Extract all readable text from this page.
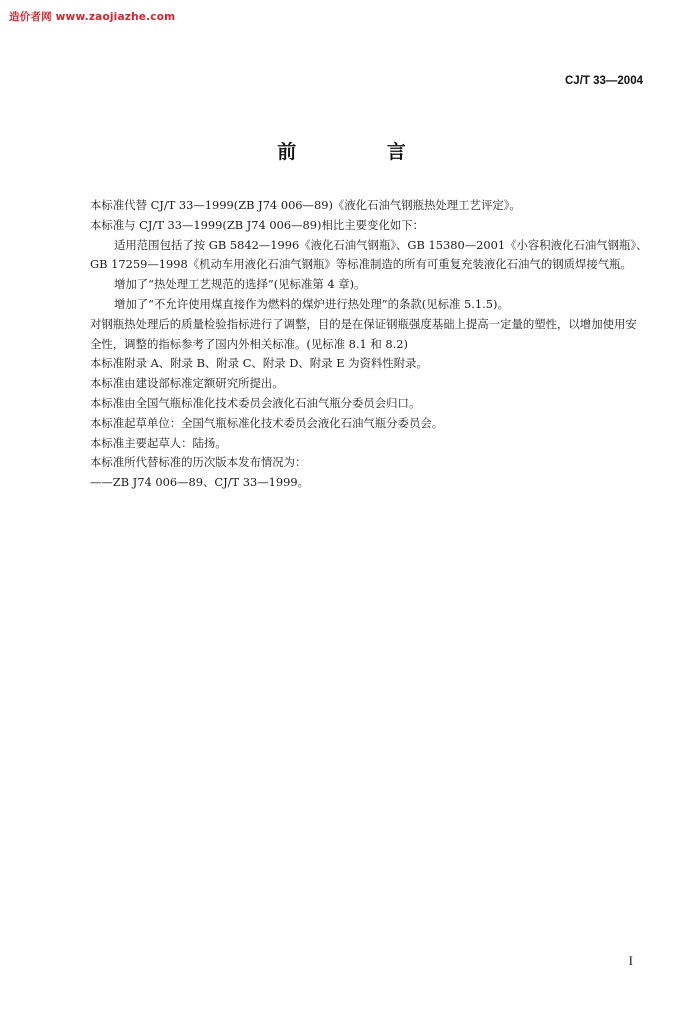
造价者网 www.zaojiazhe.com
CJ/T 33—2004
前 言

本标准代替 CJ/T 33—1999(ZB J74 006—89)《液化石油气钢瓶热处理工艺评定》。

本标准与 CJ/T 33—1999(ZB J74 006—89)相比主要变化如下：

适用范围包括了按 GB 5842—1996《液化石油气钢瓶》、GB 15380—2001《小容积液化石油气钢瓶》、GB 17259—1998《机动车用液化石油气钢瓶》等标准制造的所有可重复充装液化石油气的钢质焊接气瓶。

增加了“热处理工艺规范的选择”(见标准第 4 章)。

增加了“不允许使用煤直接作为燃料的煤炉进行热处理”的条款(见标准 5.1.5)。

对钢瓶热处理后的质量检验指标进行了调整，目的是在保证钢瓶强度基础上提高一定量的塑性，以增加使用安全性，调整的指标参考了国内外相关标准。(见标准 8.1 和 8.2)

本标准附录 A、附录 B、附录 C、附录 D、附录 E 为资料性附录。

本标准由建设部标准定额研究所提出。

本标准由全国气瓶标准化技术委员会液化石油气瓶分委员会归口。

本标准起草单位：全国气瓶标准化技术委员会液化石油气瓶分委员会。

本标准主要起草人：陆扬。

本标准所代替标准的历次版本发布情况为：

——ZB J74 006—89、CJ/T 33—1999。

I
